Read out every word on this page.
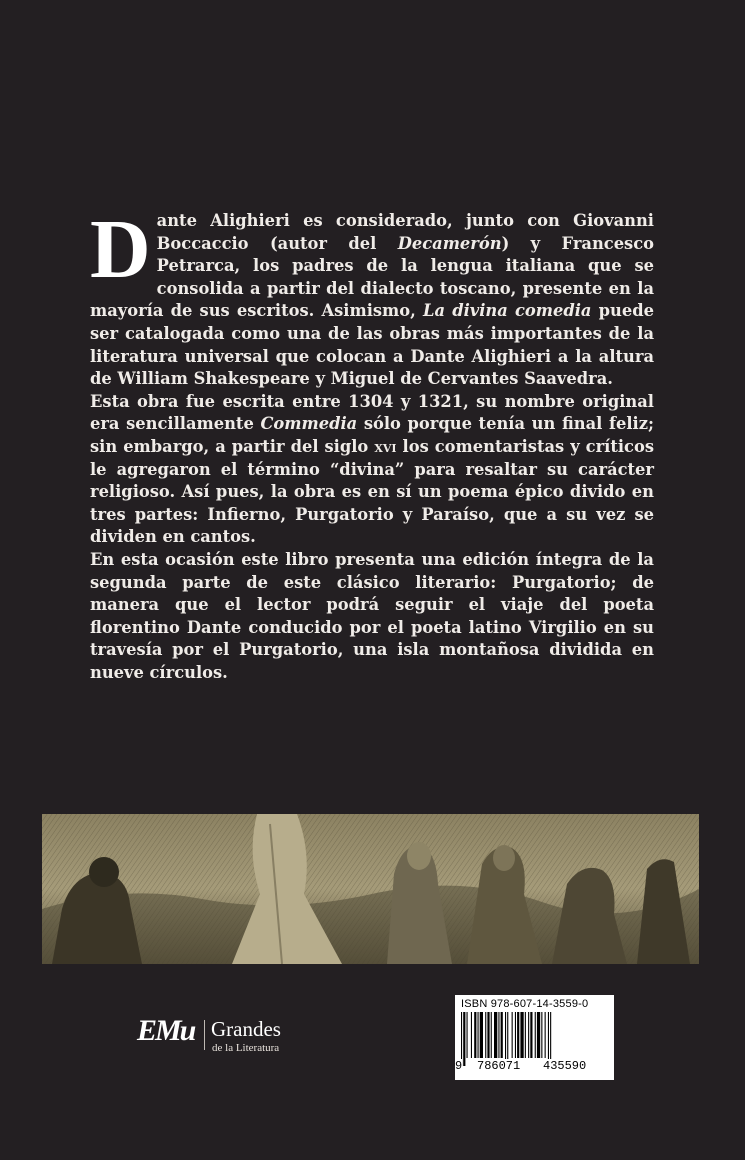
Dante Alighieri es considerado, junto con Giovanni Boccaccio (autor del Decamerón) y Francesco Petrarca, los padres de la lengua italiana que se consolida a partir del dialecto toscano, presente en la mayoría de sus escritos. Asimismo, La divina comedia puede ser catalogada como una de las obras más importantes de la literatura universal que colocan a Dante Alighieri a la altura de William Shakespeare y Miguel de Cervantes Saavedra.

Esta obra fue escrita entre 1304 y 1321, su nombre original era sencillamente Commedia sólo porque tenía un final feliz; sin embargo, a partir del siglo xvi los comentaristas y críticos le agregaron el término “divina” para resaltar su carácter religioso. Así pues, la obra es en sí un poema épico divido en tres partes: Infierno, Purgatorio y Paraíso, que a su vez se dividen en cantos.

En esta ocasión este libro presenta una edición íntegra de la segunda parte de este clásico literario: Purgatorio; de manera que el lector podrá seguir el viaje del poeta florentino Dante conducido por el poeta latino Virgilio en su travesía por el Purgatorio, una isla montañosa dividida en nueve círculos.

EMu Grandes
de la Literatura
ISBN 978-607-14-3559-0
9 786071 435590
